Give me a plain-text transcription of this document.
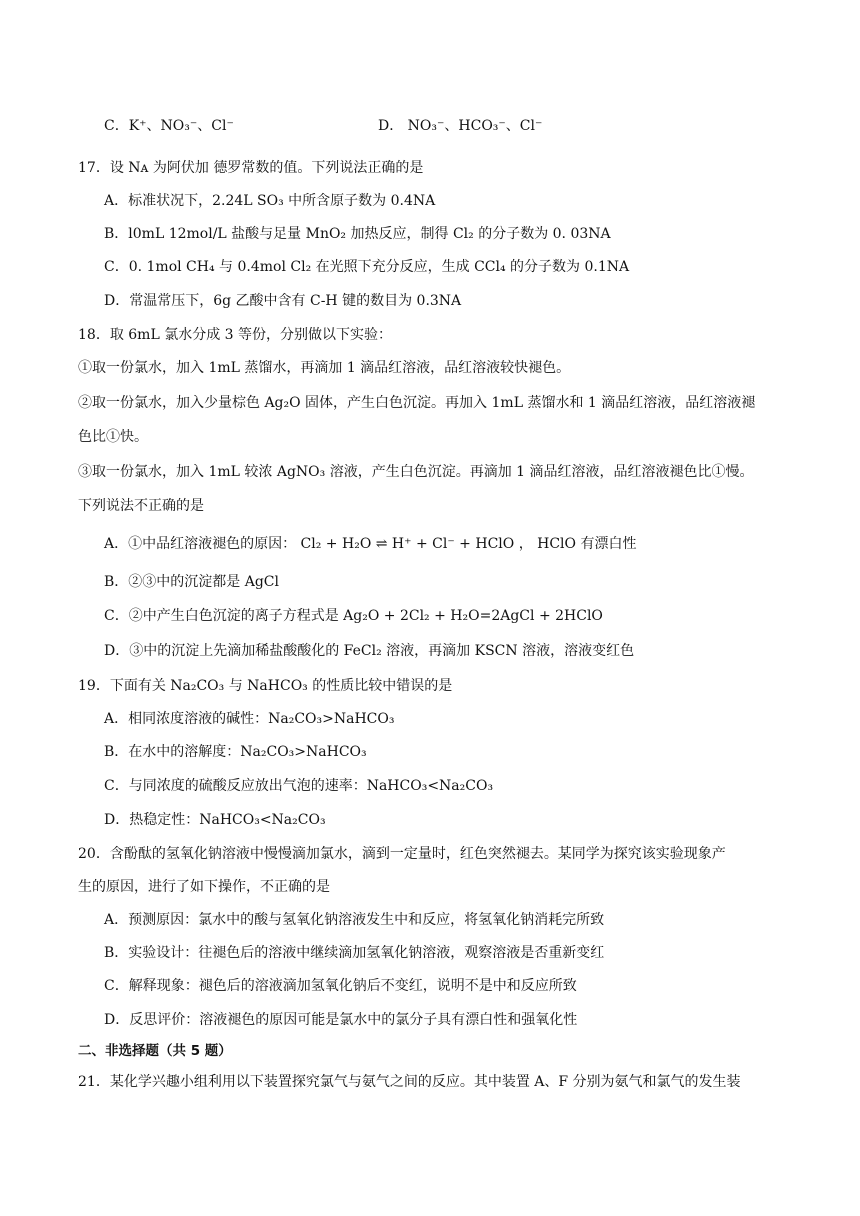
C．K⁺、NO₃⁻、Cl⁻	D． NO₃⁻、HCO₃⁻、Cl⁻
17．设 Nᴀ 为阿伏加 德罗常数的值。下列说法正确的是
A．标准状况下，2.24L SO₃ 中所含原子数为 0.4NA
B．l0mL 12mol/L 盐酸与足量 MnO₂ 加热反应，制得 Cl₂ 的分子数为 0. 03NA
C．0. 1mol CH₄ 与 0.4mol Cl₂ 在光照下充分反应，生成 CCl₄ 的分子数为 0.1NA
D．常温常压下，6g 乙酸中含有 C-H 键的数目为 0.3NA
18．取 6mL 氯水分成 3 等份，分别做以下实验：
①取一份氯水，加入 1mL 蒸馏水，再滴加 1 滴品红溶液，品红溶液较快褪色。
②取一份氯水，加入少量棕色 Ag₂O 固体，产生白色沉淀。再加入 1mL 蒸馏水和 1 滴品红溶液，品红溶液褪
色比①快。
③取一份氯水，加入 1mL 较浓 AgNO₃ 溶液，产生白色沉淀。再滴加 1 滴品红溶液，品红溶液褪色比①慢。
下列说法不正确的是
A．①中品红溶液褪色的原因： Cl₂ + H₂O ⇌ H⁺ + Cl⁻ + HClO ， HClO 有漂白性
B．②③中的沉淀都是 AgCl
C．②中产生白色沉淀的离子方程式是 Ag₂O + 2Cl₂ + H₂O=2AgCl + 2HClO
D．③中的沉淀上先滴加稀盐酸酸化的 FeCl₂ 溶液，再滴加 KSCN 溶液，溶液变红色
19．下面有关 Na₂CO₃ 与 NaHCO₃ 的性质比较中错误的是
A．相同浓度溶液的碱性：Na₂CO₃>NaHCO₃
B．在水中的溶解度：Na₂CO₃>NaHCO₃
C．与同浓度的硫酸反应放出气泡的速率：NaHCO₃<Na₂CO₃
D．热稳定性：NaHCO₃<Na₂CO₃
20．含酚酞的氢氧化钠溶液中慢慢滴加氯水，滴到一定量时，红色突然褪去。某同学为探究该实验现象产
生的原因，进行了如下操作，不正确的是
A．预测原因：氯水中的酸与氢氧化钠溶液发生中和反应，将氢氧化钠消耗完所致
B．实验设计：往褪色后的溶液中继续滴加氢氧化钠溶液，观察溶液是否重新变红
C．解释现象：褪色后的溶液滴加氢氧化钠后不变红，说明不是中和反应所致
D．反思评价：溶液褪色的原因可能是氯水中的氯分子具有漂白性和强氧化性
二、非选择题（共 5 题）
21．某化学兴趣小组利用以下装置探究氯气与氨气之间的反应。其中装置 A、F 分别为氨气和氯气的发生装
